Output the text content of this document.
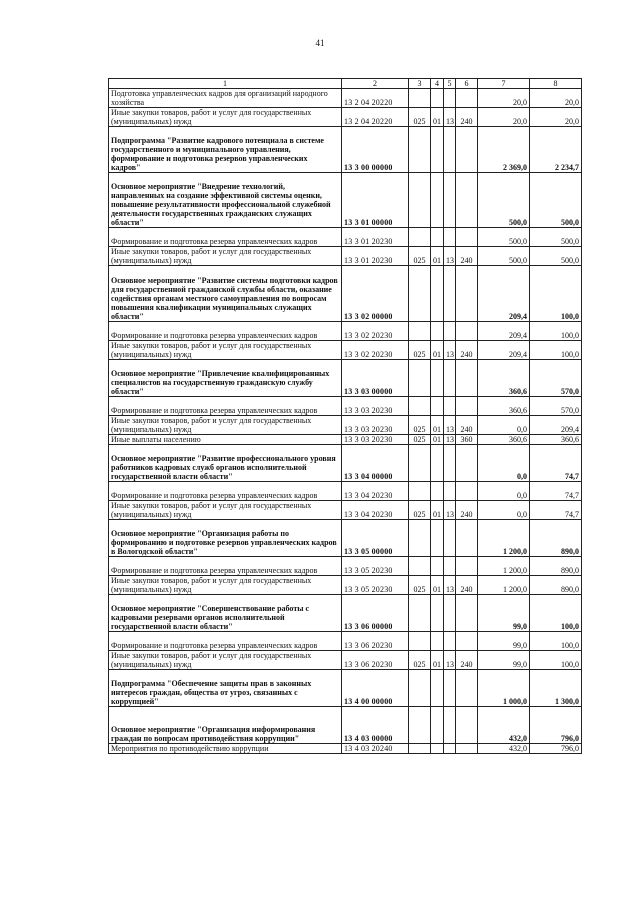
41
1	2	3	4	5	6	7	8
Подготовка управленческих кадров для организаций народного хозяйства	13 2 04 20220					20,0	20,0
Иные закупки товаров, работ и услуг для государственных (муниципальных) нужд	13 2 04 20220	025	01	13	240	20,0	20,0
Подпрограмма "Развитие кадрового потенциала в системе государственного и муниципального управления, формирование и подготовка резервов управленческих кадров"	13 3 00 00000					2 369,0	2 234,7
Основное мероприятие "Внедрение технологий, направленных на создание эффективной системы оценки, повышение результативности профессиональной служебной деятельности государственных гражданских служащих области"	13 3 01 00000					500,0	500,0
Формирование и подготовка резерва управленческих кадров	13 3 01 20230					500,0	500,0
Иные закупки товаров, работ и услуг для государственных (муниципальных) нужд	13 3 01 20230	025	01	13	240	500,0	500,0
Основное мероприятие "Развитие системы подготовки кадров для государственной гражданской службы области, оказание содействия органам местного самоуправления по вопросам повышения квалификации муниципальных служащих области"	13 3 02 00000					209,4	100,0
Формирование и подготовка резерва управленческих кадров	13 3 02 20230					209,4	100,0
Иные закупки товаров, работ и услуг для государственных (муниципальных) нужд	13 3 02 20230	025	01	13	240	209,4	100,0
Основное мероприятие "Привлечение квалифицированных специалистов на государственную гражданскую службу области"	13 3 03 00000					360,6	570,0
Формирование и подготовка резерва управленческих кадров	13 3 03 20230					360,6	570,0
Иные закупки товаров, работ и услуг для государственных (муниципальных) нужд	13 3 03 20230	025	01	13	240	0,0	209,4
Иные выплаты населению	13 3 03 20230	025	01	13	360	360,6	360,6
Основное мероприятие "Развитие профессионального уровня работников кадровых служб органов исполнительной государственной власти области"	13 3 04 00000					0,0	74,7
Формирование и подготовка резерва управленческих кадров	13 3 04 20230					0,0	74,7
Иные закупки товаров, работ и услуг для государственных (муниципальных) нужд	13 3 04 20230	025	01	13	240	0,0	74,7
Основное мероприятие "Организация работы по формированию и подготовке резервов управленческих кадров в Вологодской области"	13 3 05 00000					1 200,0	890,0
Формирование и подготовка резерва управленческих кадров	13 3 05 20230					1 200,0	890,0
Иные закупки товаров, работ и услуг для государственных (муниципальных) нужд	13 3 05 20230	025	01	13	240	1 200,0	890,0
Основное мероприятие "Совершенствование работы с кадровыми резервами органов исполнительной государственной власти области"	13 3 06 00000					99,0	100,0
Формирование и подготовка резерва управленческих кадров	13 3 06 20230					99,0	100,0
Иные закупки товаров, работ и услуг для государственных (муниципальных) нужд	13 3 06 20230	025	01	13	240	99,0	100,0
Подпрограмма "Обеспечение защиты прав в законных интересов граждан, общества от угроз, связанных с коррупцией"	13 4 00 00000					1 000,0	1 300,0
Основное мероприятие "Организация информирования граждан по вопросам противодействия коррупции"	13 4 03 00000					432,0	796,0
Мероприятия по противодействию коррупции	13 4 03 20240					432,0	796,0
